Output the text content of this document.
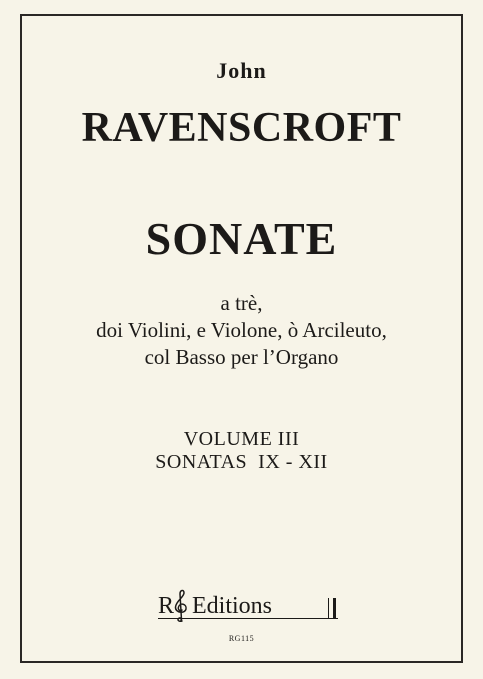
John
RAVENSCROFT
SONATE
a trè,
doi Violini, e Violone, ò Arcileuto,
col Basso per l’Organo
VOLUME III
SONATAS  IX - XII
R Editions
RG115
